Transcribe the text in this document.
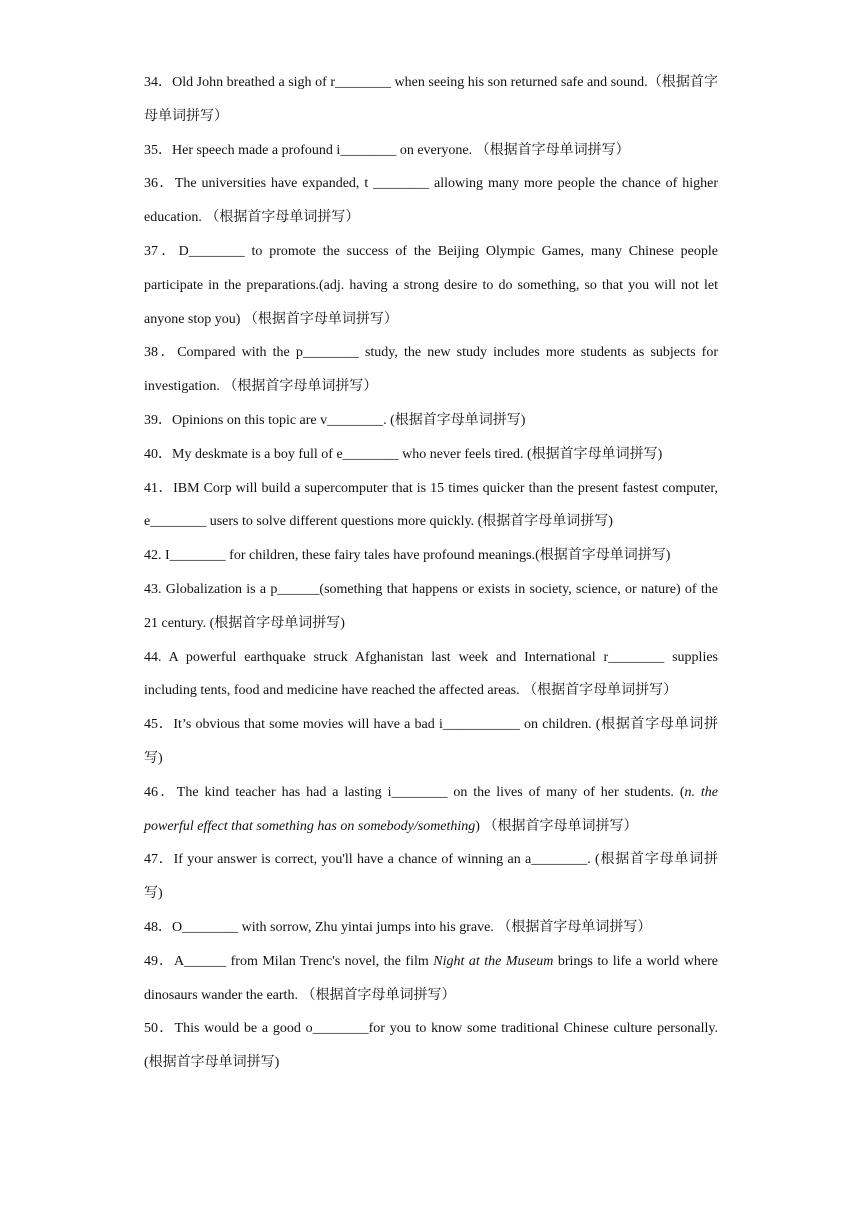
34．Old John breathed a sigh of r________ when seeing his son returned safe and sound.（根据首字母单词拼写）

35．Her speech made a profound i________ on everyone. （根据首字母单词拼写）

36．The universities have expanded, t ________ allowing many more people the chance of higher education. （根据首字母单词拼写）

37．D________ to promote the success of the Beijing Olympic Games, many Chinese people participate in the preparations.(adj. having a strong desire to do something, so that you will not let anyone stop you) （根据首字母单词拼写）

38．Compared with the p________ study, the new study includes more students as subjects for investigation. （根据首字母单词拼写）

39．Opinions on this topic are v________. (根据首字母单词拼写)

40．My deskmate is a boy full of e________ who never feels tired. (根据首字母单词拼写)

41．IBM Corp will build a supercomputer that is 15 times quicker than the present fastest computer, e________ users to solve different questions more quickly. (根据首字母单词拼写)

42. I________ for children, these fairy tales have profound meanings.(根据首字母单词拼写)

43. Globalization is a p______(something that happens or exists in society, science, or nature) of the 21 century. (根据首字母单词拼写)

44. A powerful earthquake struck Afghanistan last week and International r________ supplies including tents, food and medicine have reached the affected areas. （根据首字母单词拼写）

45．It’s obvious that some movies will have a bad i___________ on children. (根据首字母单词拼写)

46．The kind teacher has had a lasting i________ on the lives of many of her students. (n. the powerful effect that something has on somebody/something) （根据首字母单词拼写）

47．If your answer is correct, you'll have a chance of winning an a________. (根据首字母单词拼写)

48．O________ with sorrow, Zhu yintai jumps into his grave. （根据首字母单词拼写）

49．A______ from Milan Trenc's novel, the film Night at the Museum brings to life a world where dinosaurs wander the earth. （根据首字母单词拼写）

50．This would be a good o________for you to know some traditional Chinese culture personally. (根据首字母单词拼写)
